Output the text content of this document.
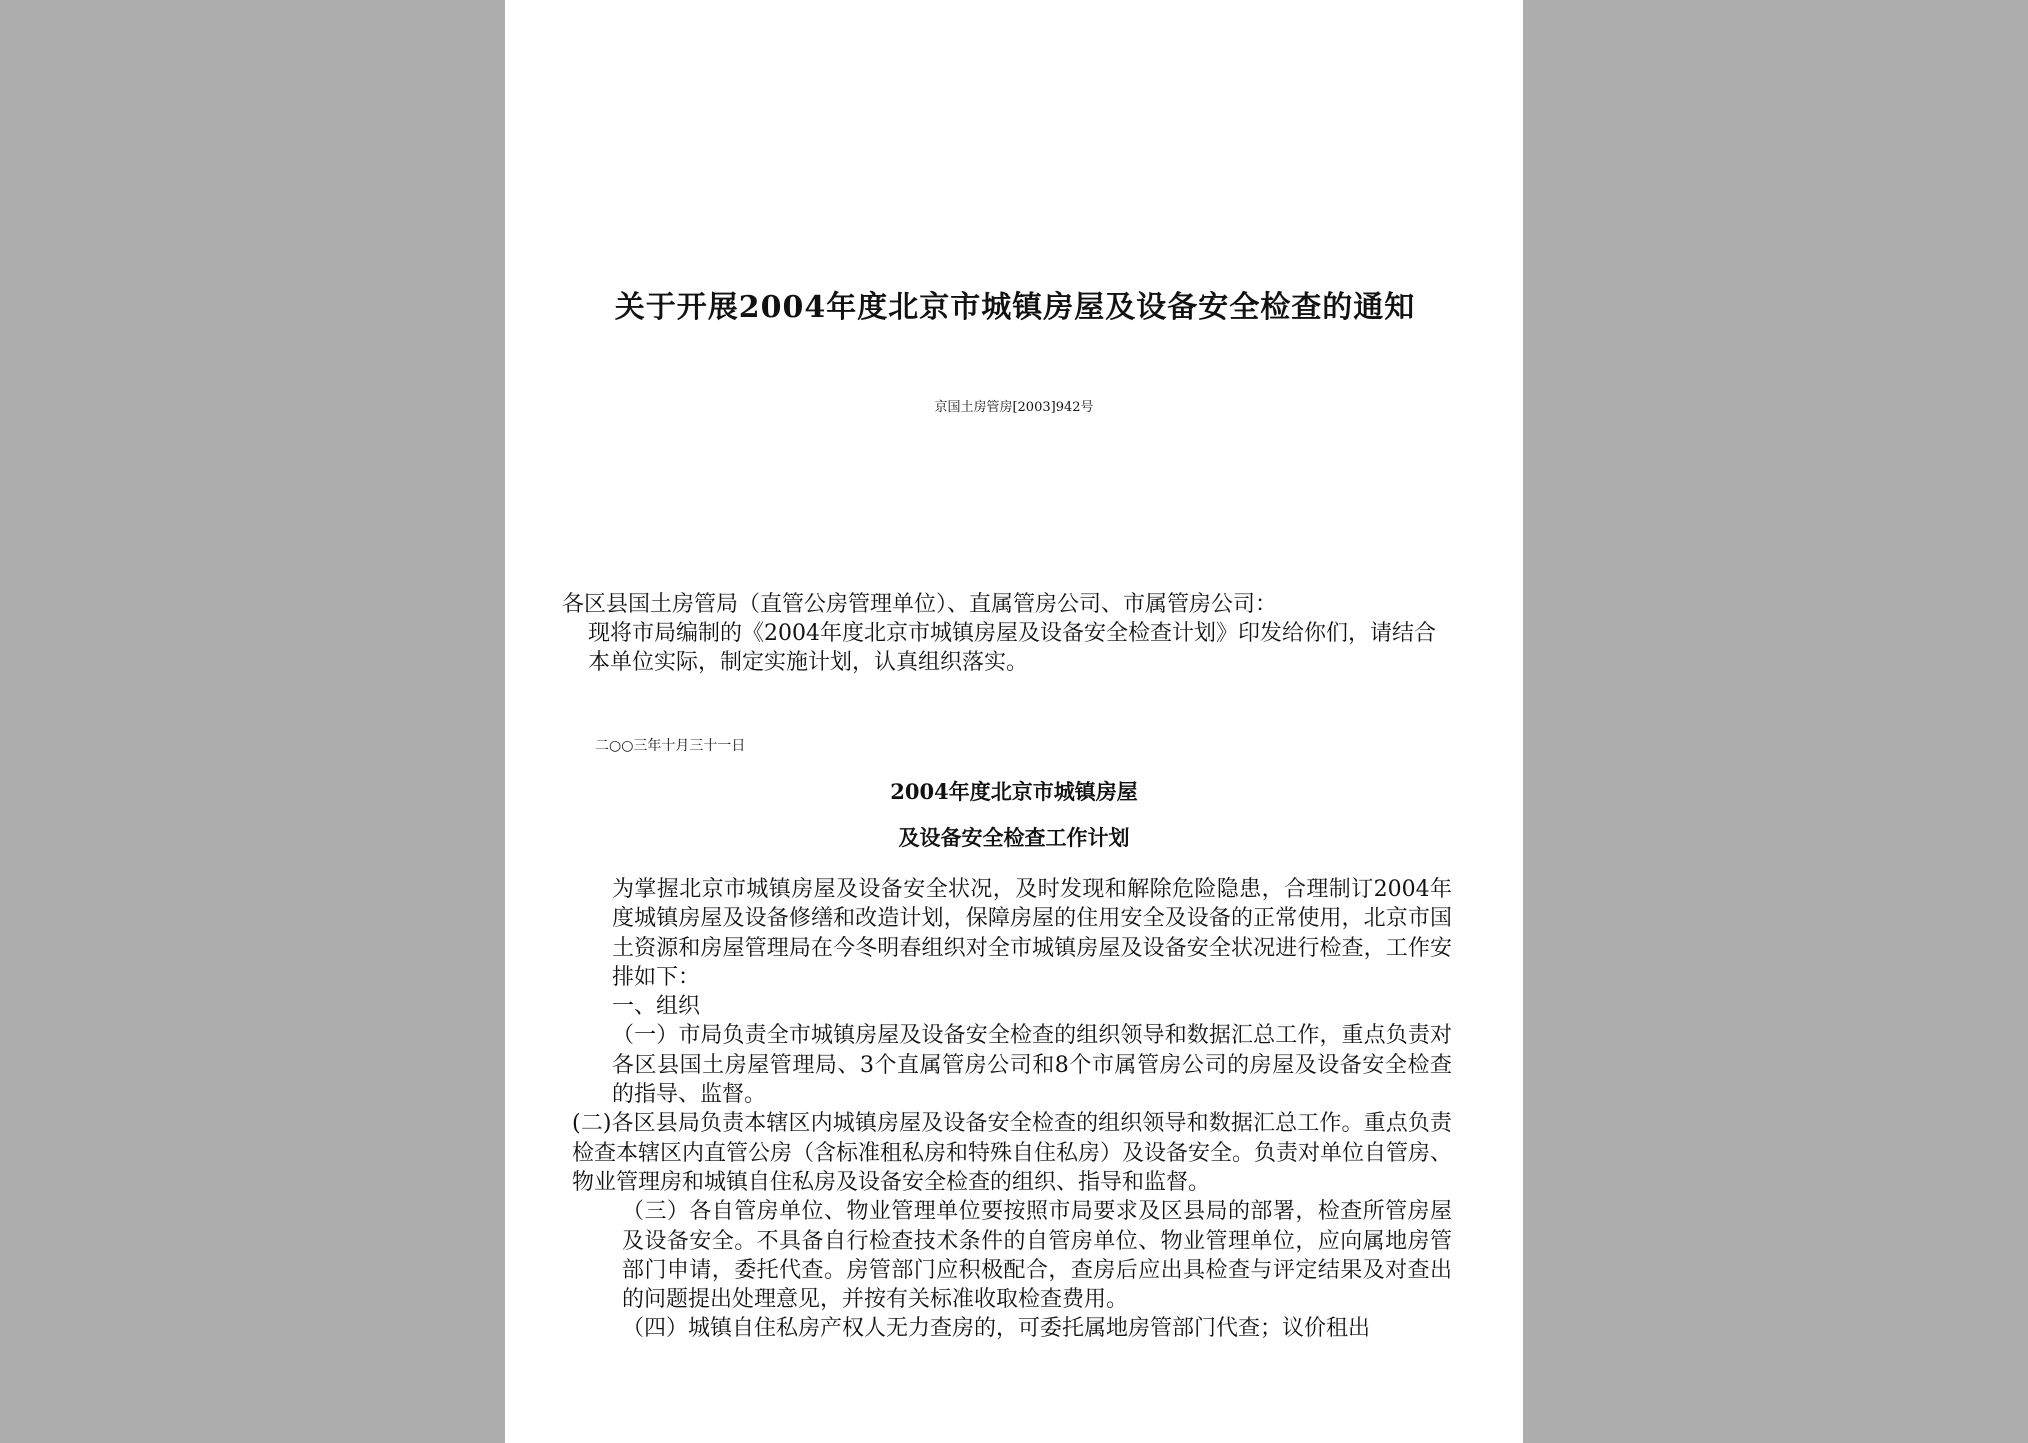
关于开展2004年度北京市城镇房屋及设备安全检查的通知
京国土房管房[2003]942号
各区县国土房管局（直管公房管理单位）、直属管房公司、市属管房公司：
现将市局编制的《2004年度北京市城镇房屋及设备安全检查计划》印发给你们，请结合本单位实际，制定实施计划，认真组织落实。
二○○三年十月三十一日
2004年度北京市城镇房屋
及设备安全检查工作计划

为掌握北京市城镇房屋及设备安全状况，及时发现和解除危险隐患，合理制订2004年度城镇房屋及设备修缮和改造计划，保障房屋的住用安全及设备的正常使用，北京市国土资源和房屋管理局在今冬明春组织对全市城镇房屋及设备安全状况进行检查，工作安排如下：

一、组织

（一）市局负责全市城镇房屋及设备安全检查的组织领导和数据汇总工作，重点负责对各区县国土房屋管理局、3个直属管房公司和8个市属管房公司的房屋及设备安全检查的指导、监督。

(二)各区县局负责本辖区内城镇房屋及设备安全检查的组织领导和数据汇总工作。重点负责检查本辖区内直管公房（含标准租私房和特殊自住私房）及设备安全。负责对单位自管房、物业管理房和城镇自住私房及设备安全检查的组织、指导和监督。

（三）各自管房单位、物业管理单位要按照市局要求及区县局的部署，检查所管房屋及设备安全。不具备自行检查技术条件的自管房单位、物业管理单位，应向属地房管部门申请，委托代查。房管部门应积极配合，查房后应出具检查与评定结果及对查出的问题提出处理意见，并按有关标准收取检查费用。

（四）城镇自住私房产权人无力查房的，可委托属地房管部门代查；议价租出
